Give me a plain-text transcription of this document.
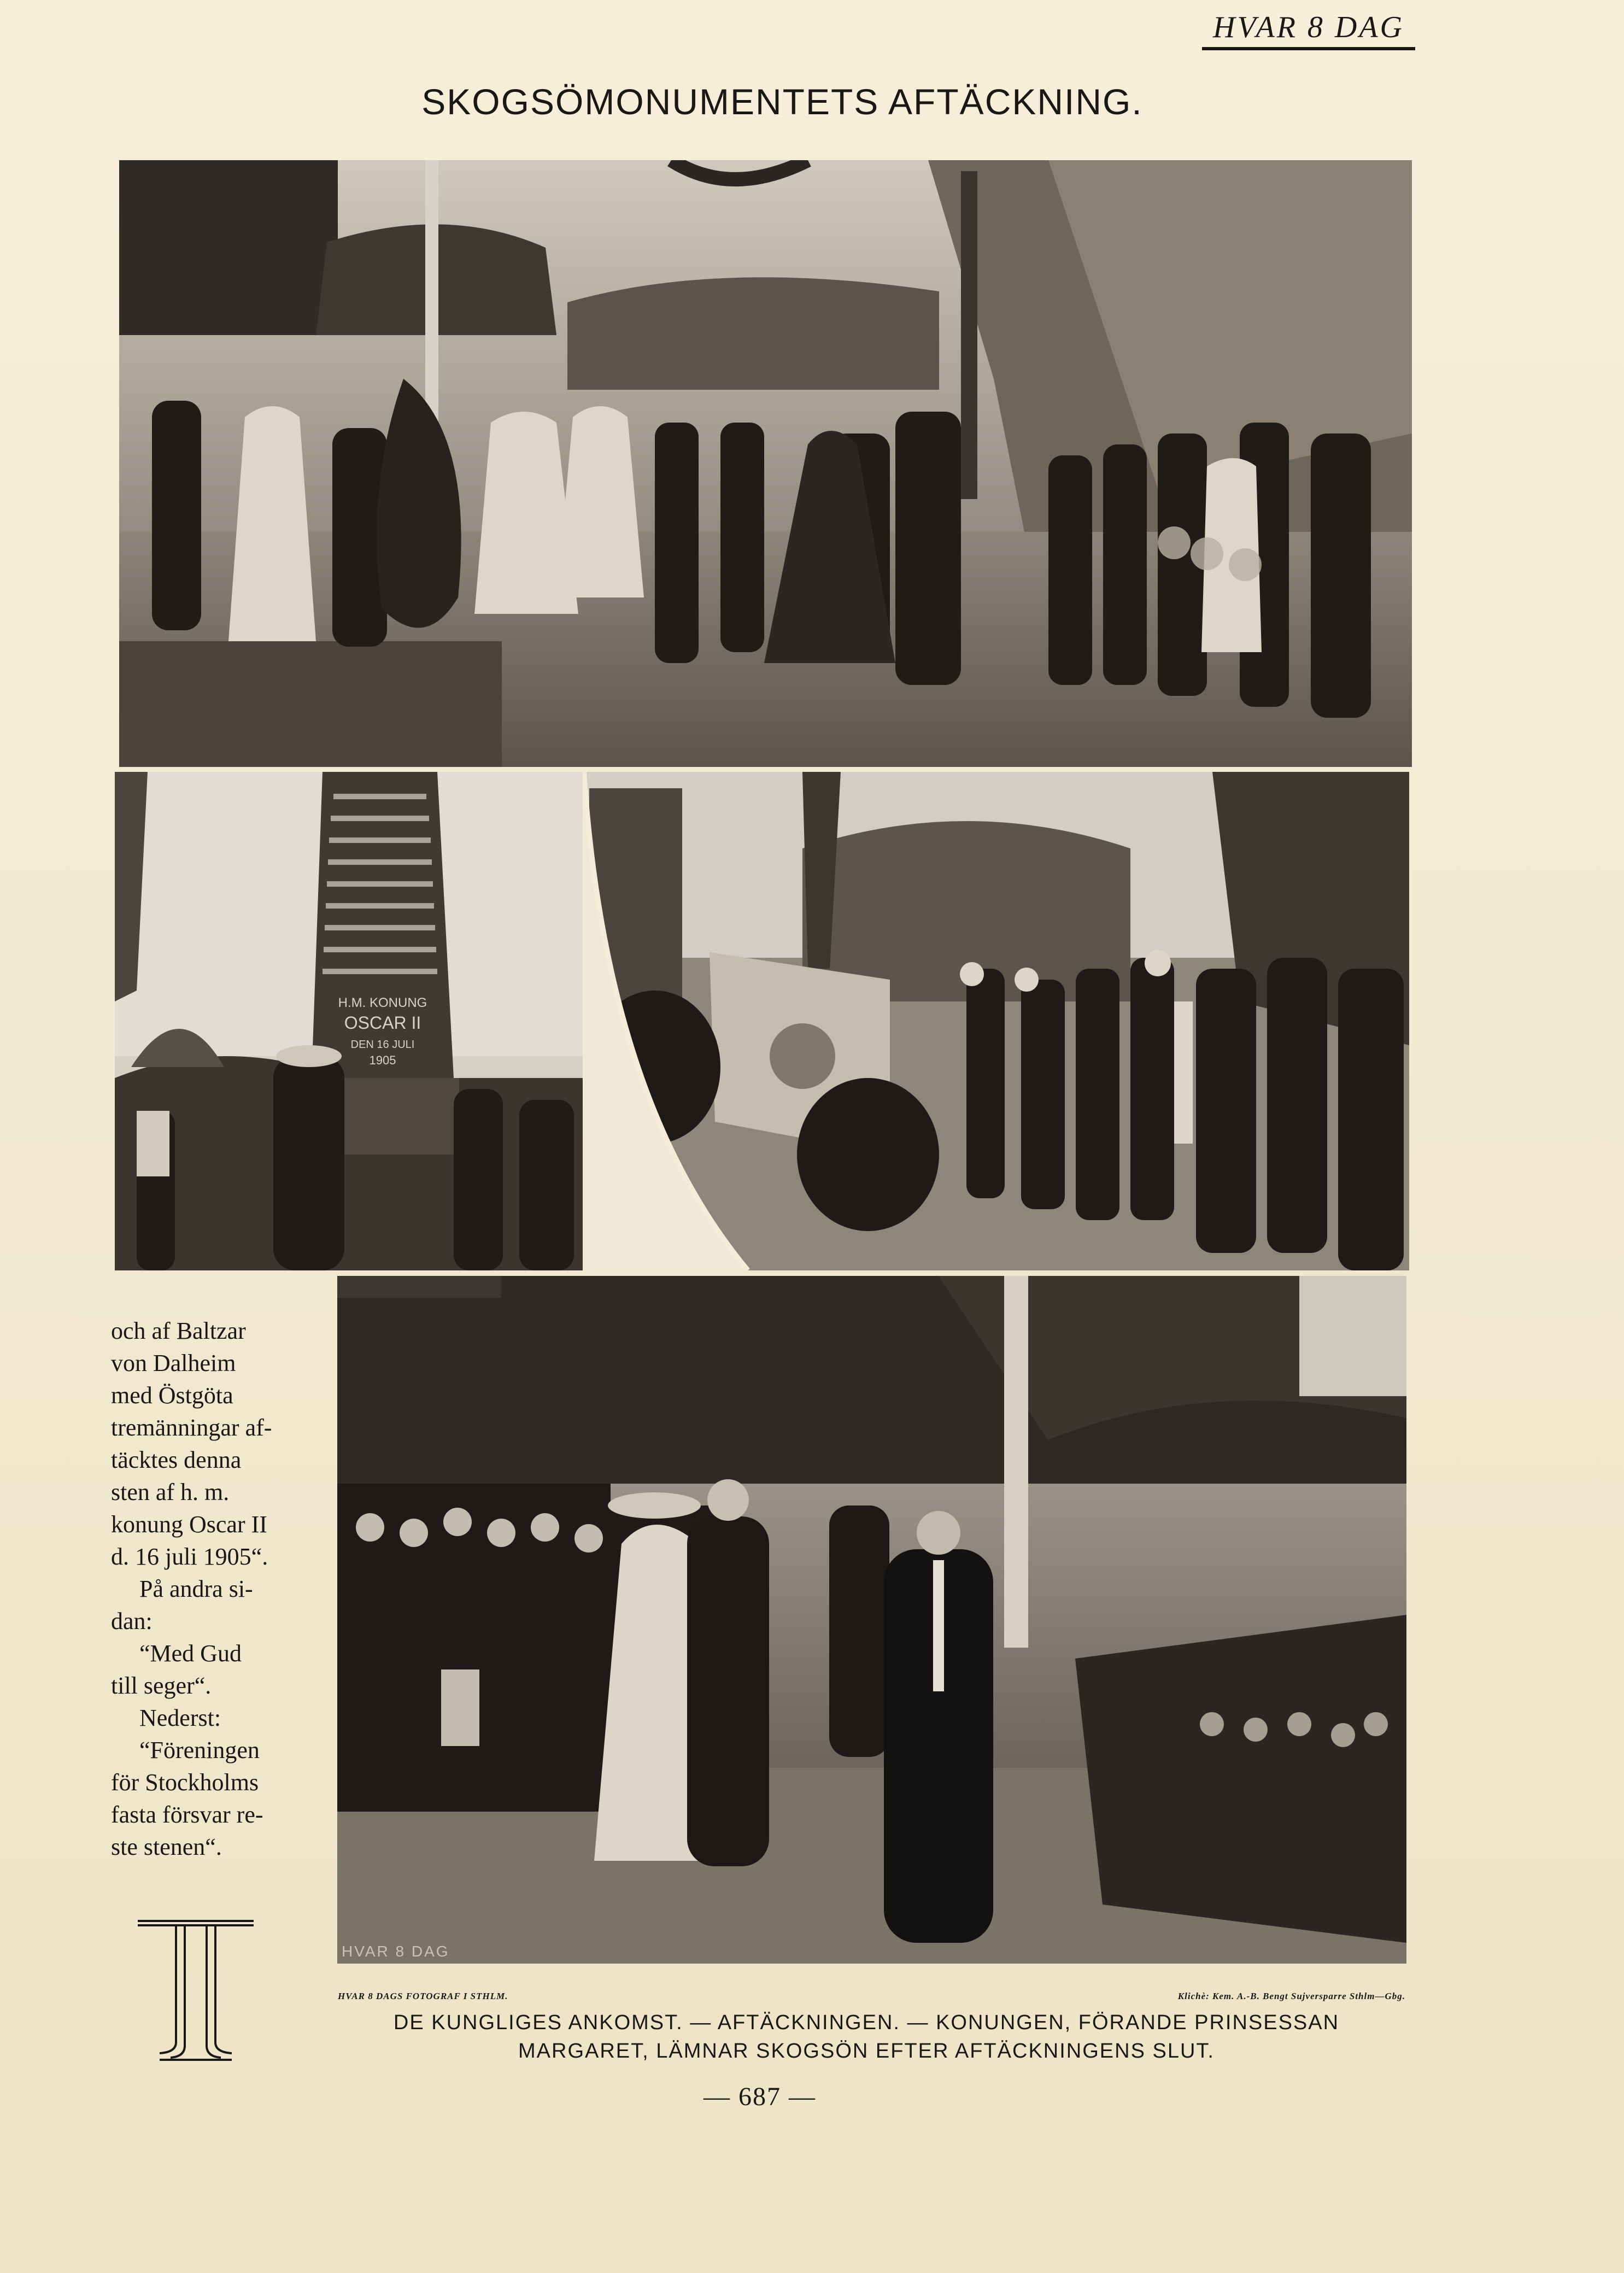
HVAR 8 DAG
SKOGSÖMONUMENTETS AFTÄCKNING.
H.M. KONUNG
OSCAR II
DEN 16 JULI
1905
HVAR 8 DAG

och af Baltzar

von Dalheim

med Östgöta

tremänningar af-

täcktes denna

sten af h. m.

konung Oscar II

d. 16 juli 1905“.

På andra si-

dan:

“Med Gud

till seger“.

Nederst:

“Föreningen

för Stockholms

fasta försvar re-

ste stenen“.

HVAR 8 DAGS FOTOGRAF I STHLM.	Klichè: Kem. A.-B. Bengt Sujversparre Sthlm—Gbg.
DE KUNGLIGES ANKOMST. — AFTÄCKNINGEN. — KONUNGEN, FÖRANDE PRINSESSAN
MARGARET, LÄMNAR SKOGSÖN EFTER AFTÄCKNINGENS SLUT.
— 687 —
